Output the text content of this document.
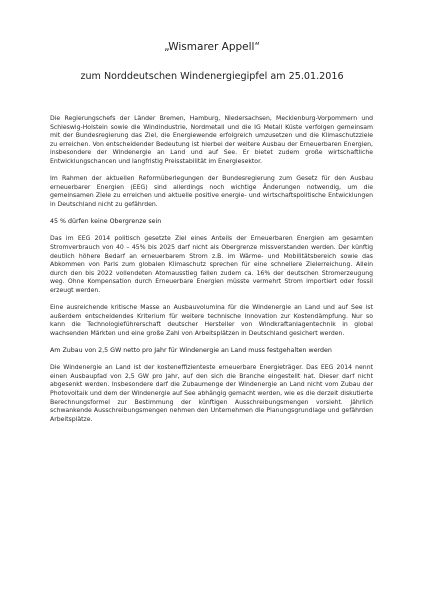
„Wismarer Appell“
zum Norddeutschen Windenergiegipfel am 25.01.2016

Die Regierungschefs der Länder Bremen, Hamburg, Niedersachsen, Mecklenburg-Vorpommern und Schleswig-Holstein sowie die Windindustrie, Nordmetall und die IG Metall Küste verfolgen gemeinsam mit der Bundesregierung das Ziel, die Energiewende erfolgreich umzusetzen und die Klimaschutzziele zu erreichen. Von entscheidender Bedeutung ist hierbei der weitere Ausbau der Erneuerbaren Energien, insbesondere der Windenergie an Land und auf See. Er bietet zudem große wirtschaftliche Entwicklungschancen und langfristig Preisstabilität im Energiesektor.

Im Rahmen der aktuellen Reformüberlegungen der Bundesregierung zum Gesetz für den Ausbau erneuerbarer Energien (EEG) sind allerdings noch wichtige Änderungen notwendig, um die gemeinsamen Ziele zu erreichen und aktuelle positive energie- und wirtschaftspolitische Entwicklungen in Deutschland nicht zu gefährden.

45 % dürfen keine Obergrenze sein

Das im EEG 2014 politisch gesetzte Ziel eines Anteils der Erneuerbaren Energien am gesamten Stromverbrauch von 40 – 45% bis 2025 darf nicht als Obergrenze missverstanden werden. Der künftig deutlich höhere Bedarf an erneuerbarem Strom z.B. im Wärme- und Mobilitätsbereich sowie das Abkommen von Paris zum globalen Klimaschutz sprechen für eine schnellere Zielerreichung. Allein durch den bis 2022 vollendeten Atomausstieg fallen zudem ca. 16% der deutschen Stromerzeugung weg. Ohne Kompensation durch Erneuerbare Energien müsste vermehrt Strom importiert oder fossil erzeugt werden.

Eine ausreichende kritische Masse an Ausbauvolumina für die Windenergie an Land und auf See ist außerdem entscheidendes Kriterium für weitere technische Innovation zur Kostendämpfung. Nur so kann die Technologieführerschaft deutscher Hersteller von Windkraftanlagentechnik in global wachsenden Märkten und eine große Zahl von Arbeitsplätzen in Deutschland gesichert werden.

Am Zubau von 2,5 GW netto pro Jahr für Windenergie an Land muss festgehalten werden

Die Windenergie an Land ist der kosteneffizienteste erneuerbare Energieträger. Das EEG 2014 nennt einen Ausbaupfad von 2,5 GW pro Jahr, auf den sich die Branche eingestellt hat. Dieser darf nicht abgesenkt werden. Insbesondere darf die Zubaumenge der Windenergie an Land nicht vom Zubau der Photovoltaik und dem der Windenergie auf See abhängig gemacht werden, wie es die derzeit diskutierte Berechnungsformel zur Bestimmung der künftigen Ausschreibungsmengen vorsieht. Jährlich schwankende Ausschreibungsmengen nehmen den Unternehmen die Planungsgrundlage und gefährden Arbeitsplätze.
